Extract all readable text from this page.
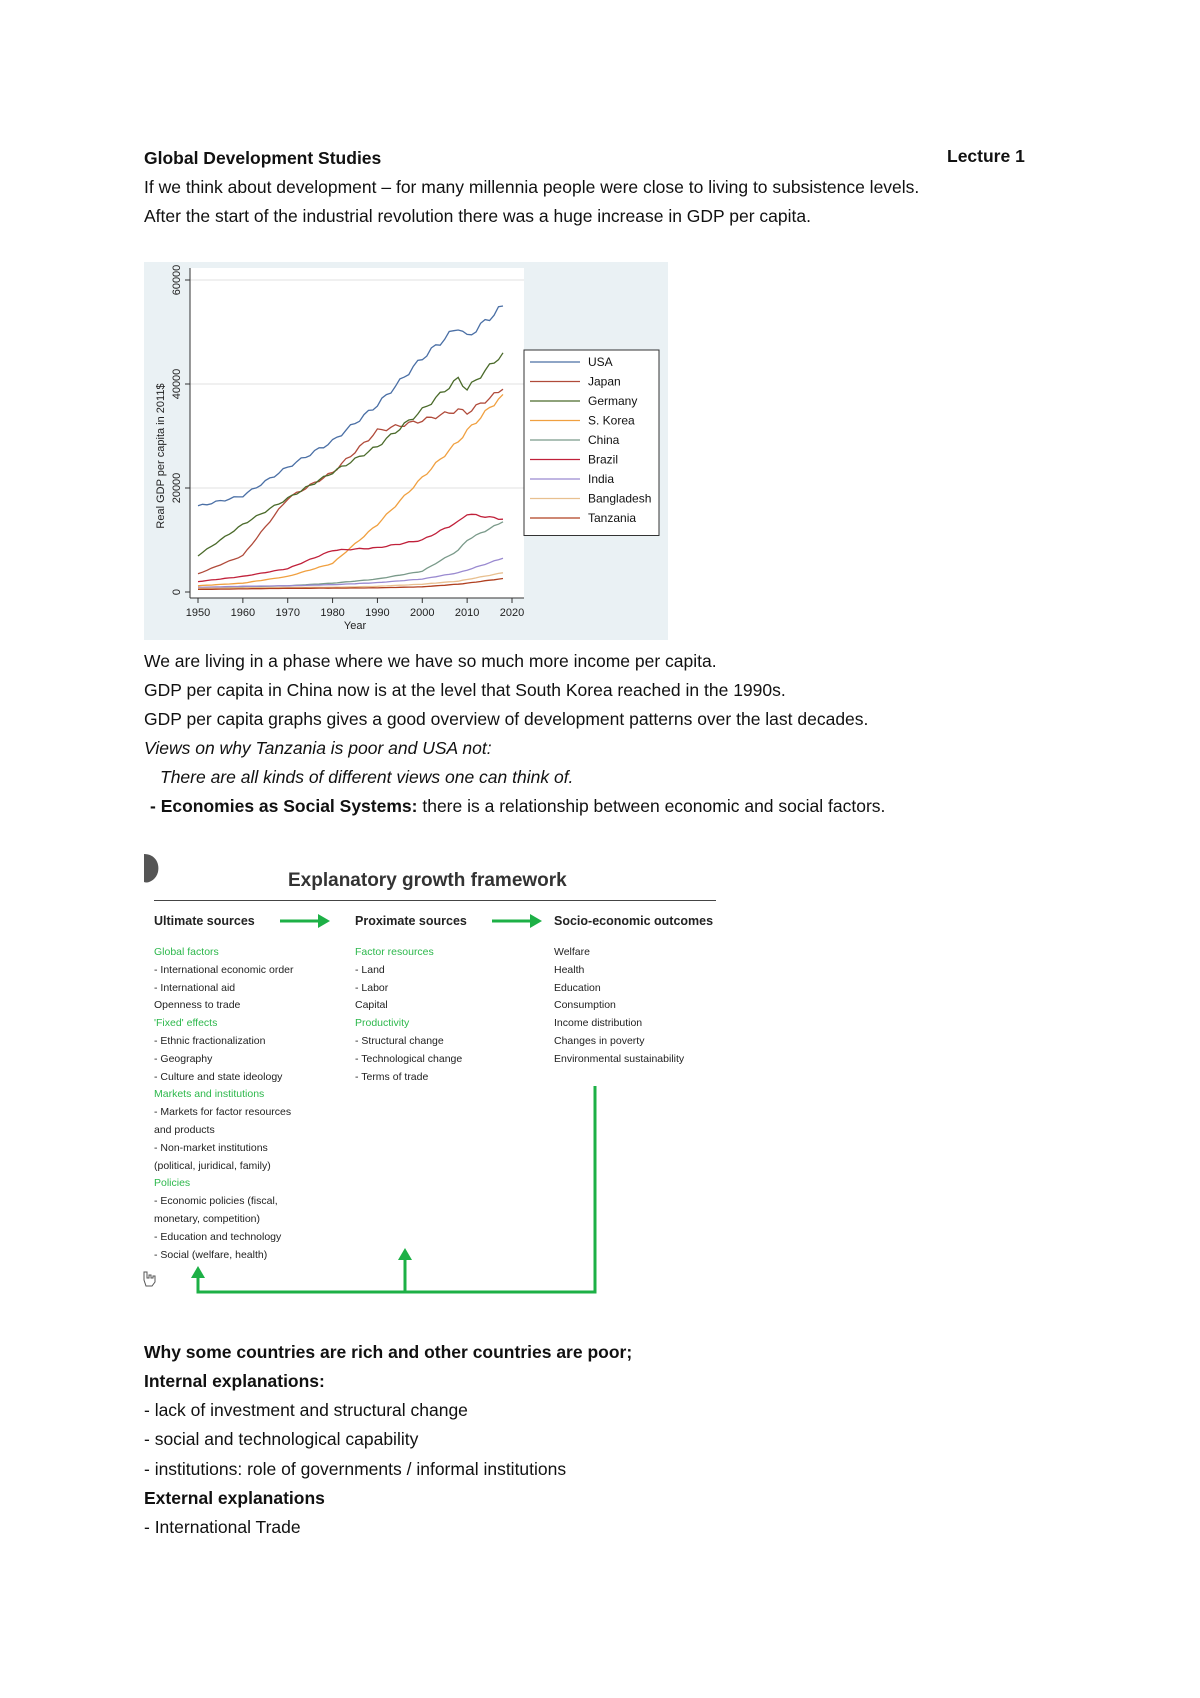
Global Development Studies	Lecture 1
If we think about development – for many millennia people were close to living to subsistence levels.
After the start of the industrial revolution there was a huge increase in GDP per capita.
0
20000
40000
60000
1950 1960 1970 1980 1990 2000 2010 2020
Year
Real GDP per capita in 2011$
USA
Japan
Germany
S. Korea
China
Brazil
India
Bangladesh
Tanzania
We are living in a phase where we have so much more income per capita.
GDP per capita in China now is at the level that South Korea reached in the 1990s.
GDP per capita graphs gives a good overview of development patterns over the last decades.
Views on why Tanzania is poor and USA not:
There are all kinds of different views one can think of.
- Economies as Social Systems: there is a relationship between economic and social factors.
Explanatory growth framework
Ultimate sources	Proximate sources	Socio-economic outcomes
Global factors
- International economic order
- International aid
Openness to trade
'Fixed' effects
- Ethnic fractionalization
- Geography
- Culture and state ideology
Markets and institutions
- Markets for factor resources
and products
- Non-market institutions
(political, juridical, family)
Policies
- Economic policies (fiscal,
monetary, competition)
- Education and technology
- Social (welfare, health)
Factor resources
- Land
- Labor
Capital
Productivity
- Structural change
- Technological change
- Terms of trade
Welfare
Health
Education
Consumption
Income distribution
Changes in poverty
Environmental sustainability
Why some countries are rich and other countries are poor;
Internal explanations:
- lack of investment and structural change
- social and technological capability
- institutions: role of governments / informal institutions
External explanations
- International Trade
